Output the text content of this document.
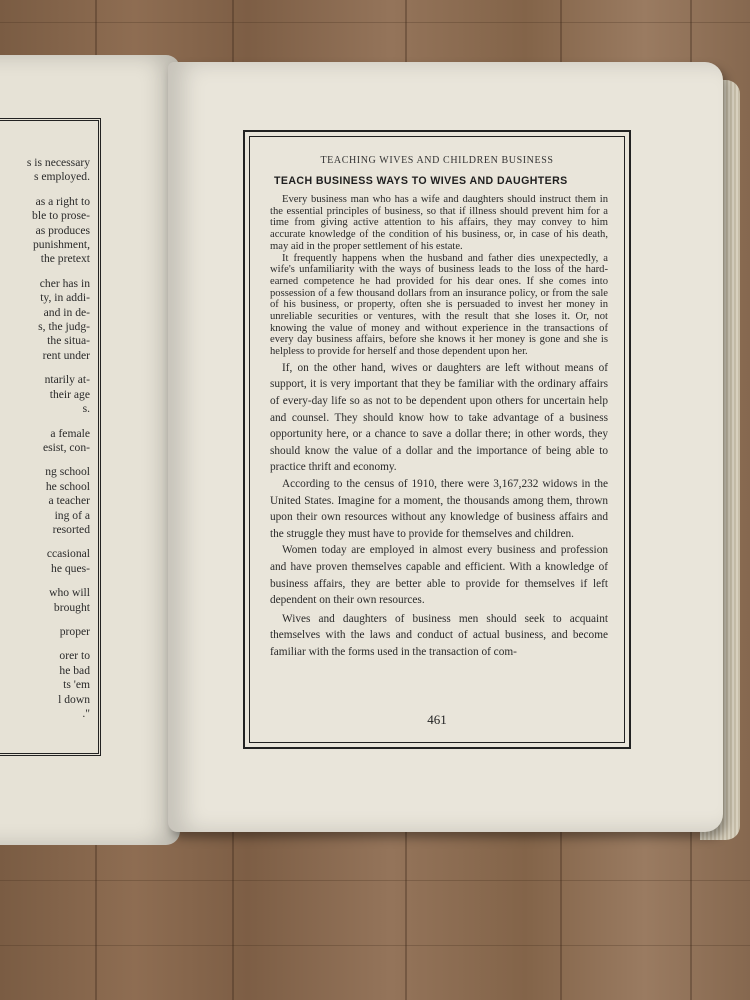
s is necessary
s employed.
as a right to
ble to prose-
as produces
punishment,
the pretext
cher has in
ty, in addi-
and in de-
s, the judg-
the situa-
rent under
ntarily at-
their age
s.
a female
esist, con-
ng school
he school
a teacher
ing of a
resorted
ccasional
he ques-
who will
brought
proper
orer to
he bad
ts 'em
l down
."
TEACHING WIVES AND CHILDREN BUSINESS
TEACH BUSINESS WAYS TO WIVES AND DAUGHTERS

Every business man who has a wife and daughters should instruct them in the essential principles of business, so that if illness should prevent him for a time from giving active attention to his affairs, they may convey to him accurate knowledge of the condition of his business, or, in case of his death, may aid in the proper settlement of his estate.

It frequently happens when the husband and father dies unexpectedly, a wife's unfamiliarity with the ways of business leads to the loss of the hard-earned competence he had provided for his dear ones. If she comes into possession of a few thousand dollars from an insurance policy, or from the sale of his business, or property, often she is persuaded to invest her money in unreliable securities or ventures, with the result that she loses it. Or, not knowing the value of money and without experience in the transactions of every day business affairs, before she knows it her money is gone and she is helpless to provide for herself and those dependent upon her.

If, on the other hand, wives or daughters are left without means of support, it is very important that they be familiar with the ordinary affairs of every-day life so as not to be dependent upon others for uncertain help and counsel. They should know how to take advantage of a business opportunity here, or a chance to save a dollar there; in other words, they should know the value of a dollar and the importance of being able to practice thrift and economy.

According to the census of 1910, there were 3,167,232 widows in the United States. Imagine for a moment, the thousands among them, thrown upon their own resources without any knowledge of business affairs and the struggle they must have to provide for themselves and children.

Women today are employed in almost every business and profession and have proven themselves capable and efficient. With a knowledge of business affairs, they are better able to provide for themselves if left dependent on their own resources.

Wives and daughters of business men should seek to acquaint themselves with the laws and conduct of actual business, and become familiar with the forms used in the transaction of com-

461
